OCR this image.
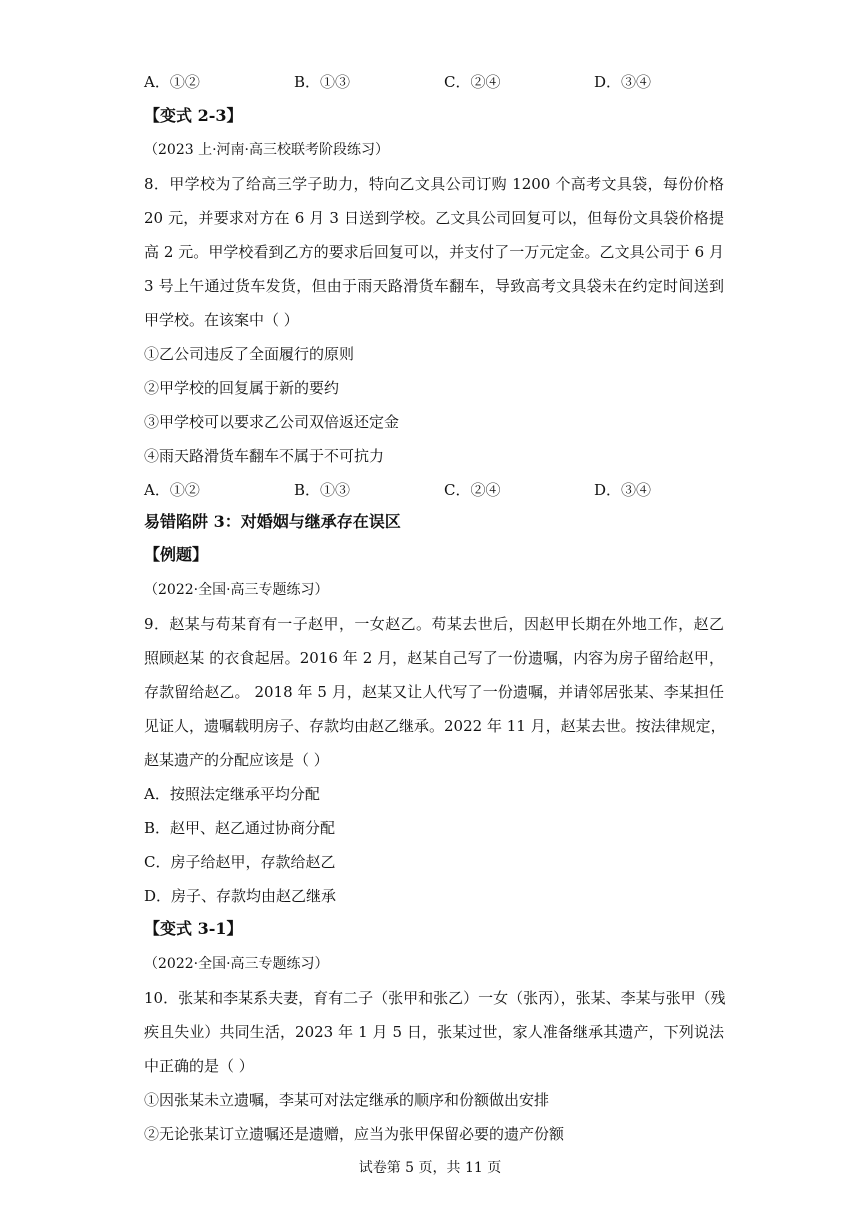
A．①②	B．①③	C．②④	D．③④
【变式 2-3】
（2023 上·河南·高三校联考阶段练习）
8．甲学校为了给高三学子助力，特向乙文具公司订购 1200 个高考文具袋，每份价格
20 元，并要求对方在 6 月 3 日送到学校。乙文具公司回复可以，但每份文具袋价格提
高 2 元。甲学校看到乙方的要求后回复可以，并支付了一万元定金。乙文具公司于 6 月
3 号上午通过货车发货，但由于雨天路滑货车翻车，导致高考文具袋未在约定时间送到
甲学校。在该案中（ ）
①乙公司违反了全面履行的原则
②甲学校的回复属于新的要约
③甲学校可以要求乙公司双倍返还定金
④雨天路滑货车翻车不属于不可抗力
A．①②	B．①③	C．②④	D．③④
易错陷阱 3：对婚姻与继承存在误区
【例题】
（2022·全国·高三专题练习）
9．赵某与苟某育有一子赵甲，一女赵乙。苟某去世后，因赵甲长期在外地工作，赵乙
照顾赵某 的衣食起居。2016 年 2 月，赵某自己写了一份遗嘱，内容为房子留给赵甲，
存款留给赵乙。 2018 年 5 月，赵某又让人代写了一份遗嘱，并请邻居张某、李某担任
见证人，遗嘱载明房子、存款均由赵乙继承。2022 年 11 月，赵某去世。按法律规定，
赵某遗产的分配应该是（ ）
A．按照法定继承平均分配
B．赵甲、赵乙通过协商分配
C．房子给赵甲，存款给赵乙
D．房子、存款均由赵乙继承
【变式 3-1】
（2022·全国·高三专题练习）
10．张某和李某系夫妻，育有二子（张甲和张乙）一女（张丙），张某、李某与张甲（残
疾且失业）共同生活，2023 年 1 月 5 日，张某过世，家人准备继承其遗产，下列说法
中正确的是（ ）
①因张某未立遗嘱，李某可对法定继承的顺序和份额做出安排
②无论张某订立遗嘱还是遗赠，应当为张甲保留必要的遗产份额
试卷第 5 页，共 11 页
